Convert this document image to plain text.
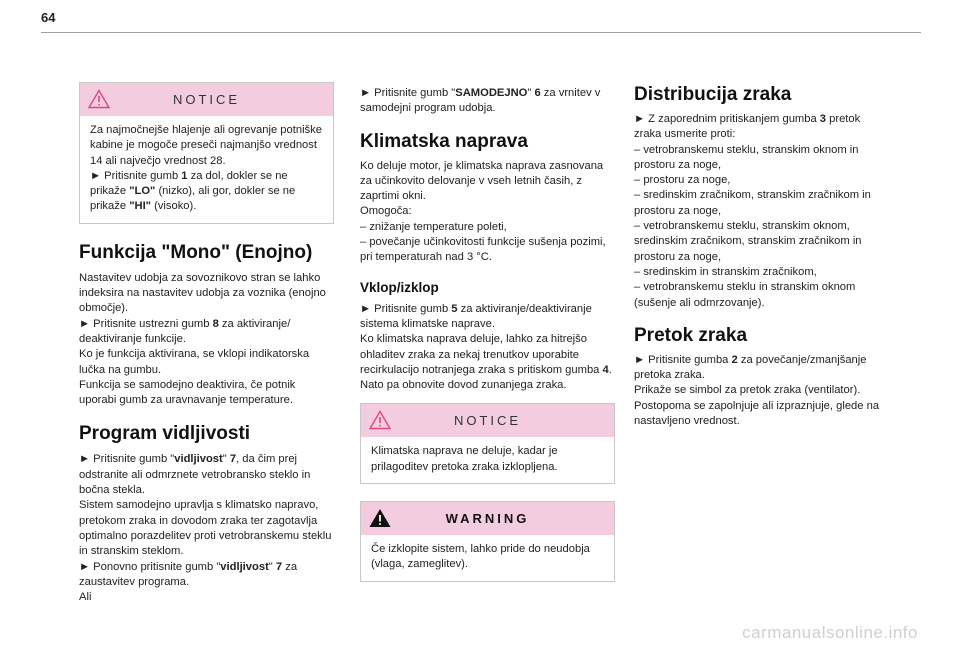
64
NOTICE

Za najmočnejše hlajenje ali ogrevanje potniške kabine je mogoče preseči najmanjšo vrednost 14 ali največjo vrednost 28.

► Pritisnite gumb 1 za dol, dokler se ne prikaže "LO" (nizko), ali gor, dokler se ne prikaže "HI" (visoko).

Funkcija "Mono" (Enojno)

Nastavitev udobja za sovoznikovo stran se lahko indeksira na nastavitev udobja za voznika (enojno območje).

► Pritisnite ustrezni gumb 8 za aktiviranje/ deaktiviranje funkcije.

Ko je funkcija aktivirana, se vklopi indikatorska lučka na gumbu.

Funkcija se samodejno deaktivira, če potnik uporabi gumb za uravnavanje temperature.

Program vidljivosti

► Pritisnite gumb "vidljivost" 7, da čim prej odstranite ali odmrznete vetrobransko steklo in bočna stekla.

Sistem samodejno upravlja s klimatsko napravo, pretokom zraka in dovodom zraka ter zagotavlja optimalno porazdelitev proti vetrobranskemu steklu in stranskim steklom.

► Ponovno pritisnite gumb "vidljivost" 7 za zaustavitev programa.

Ali

► Pritisnite gumb "SAMODEJNO" 6 za vrnitev v samodejni program udobja.

Klimatska naprava

Ko deluje motor, je klimatska naprava zasnovana za učinkovito delovanje v vseh letnih časih, z zaprtimi okni.

Omogoča:

– znižanje temperature poleti,

– povečanje učinkovitosti funkcije sušenja pozimi, pri temperaturah nad 3 °C.

Vklop/izklop

► Pritisnite gumb 5 za aktiviranje/deaktiviranje sistema klimatske naprave.

Ko klimatska naprava deluje, lahko za hitrejšo ohladitev zraka za nekaj trenutkov uporabite recirkulacijo notranjega zraka s pritiskom gumba 4. Nato pa obnovite dovod zunanjega zraka.

NOTICE

Klimatska naprava ne deluje, kadar je prilagoditev pretoka zraka izklopljena.

WARNING

Če izklopite sistem, lahko pride do neudobja (vlaga, zameglitev).

Distribucija zraka

► Z zaporednim pritiskanjem gumba 3 pretok zraka usmerite proti:

– vetrobranskemu steklu, stranskim oknom in prostoru za noge,

– prostoru za noge,

– sredinskim zračnikom, stranskim zračnikom in prostoru za noge,

– vetrobranskemu steklu, stranskim oknom, sredinskim zračnikom, stranskim zračnikom in prostoru za noge,

– sredinskim in stranskim zračnikom,

– vetrobranskemu steklu in stranskim oknom (sušenje ali odmrzovanje).

Pretok zraka

► Pritisnite gumba 2 za povečanje/zmanjšanje pretoka zraka.

Prikaže se simbol za pretok zraka (ventilator).

Postopoma se zapolnjuje ali izpraznjuje, glede na nastavljeno vrednost.

carmanualsonline.info
